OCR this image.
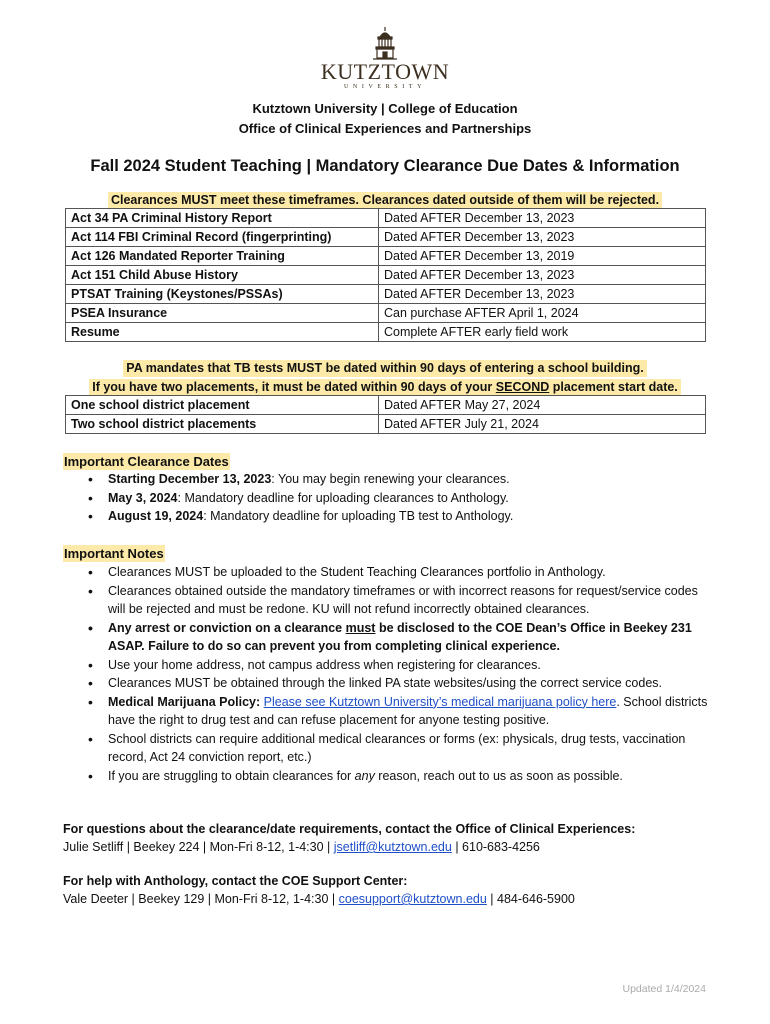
KUTZTOWN
UNIVERSITY
Kutztown University | College of Education
Office of Clinical Experiences and Partnerships
Fall 2024 Student Teaching | Mandatory Clearance Due Dates & Information
Clearances MUST meet these timeframes. Clearances dated outside of them will be rejected.
Act 34 PA Criminal History Report	Dated AFTER December 13, 2023
Act 114 FBI Criminal Record (fingerprinting)	Dated AFTER December 13, 2023
Act 126 Mandated Reporter Training	Dated AFTER December 13, 2019
Act 151 Child Abuse History	Dated AFTER December 13, 2023
PTSAT Training (Keystones/PSSAs)	Dated AFTER December 13, 2023
PSEA Insurance	Can purchase AFTER April 1, 2024
Resume	Complete AFTER early field work
PA mandates that TB tests MUST be dated within 90 days of entering a school building.
If you have two placements, it must be dated within 90 days of your SECOND placement start date.
One school district placement	Dated AFTER May 27, 2024
Two school district placements	Dated AFTER July 21, 2024
Important Clearance Dates
• Starting December 13, 2023: You may begin renewing your clearances.
• May 3, 2024: Mandatory deadline for uploading clearances to Anthology.
• August 19, 2024: Mandatory deadline for uploading TB test to Anthology.
Important Notes
• Clearances MUST be uploaded to the Student Teaching Clearances portfolio in Anthology.
• Clearances obtained outside the mandatory timeframes or with incorrect reasons for request/service codes will be rejected and must be redone. KU will not refund incorrectly obtained clearances.
• Any arrest or conviction on a clearance must be disclosed to the COE Dean’s Office in Beekey 231 ASAP. Failure to do so can prevent you from completing clinical experience.
• Use your home address, not campus address when registering for clearances.
• Clearances MUST be obtained through the linked PA state websites/using the correct service codes.
• Medical Marijuana Policy: Please see Kutztown University’s medical marijuana policy here. School districts have the right to drug test and can refuse placement for anyone testing positive.
• School districts can require additional medical clearances or forms (ex: physicals, drug tests, vaccination record, Act 24 conviction report, etc.)
• If you are struggling to obtain clearances for any reason, reach out to us as soon as possible.
For questions about the clearance/date requirements, contact the Office of Clinical Experiences:
Julie Setliff | Beekey 224 | Mon-Fri 8-12, 1-4:30 | jsetliff@kutztown.edu | 610-683-4256
For help with Anthology, contact the COE Support Center:
Vale Deeter | Beekey 129 | Mon-Fri 8-12, 1-4:30 | coesupport@kutztown.edu | 484-646-5900
Updated 1/4/2024
